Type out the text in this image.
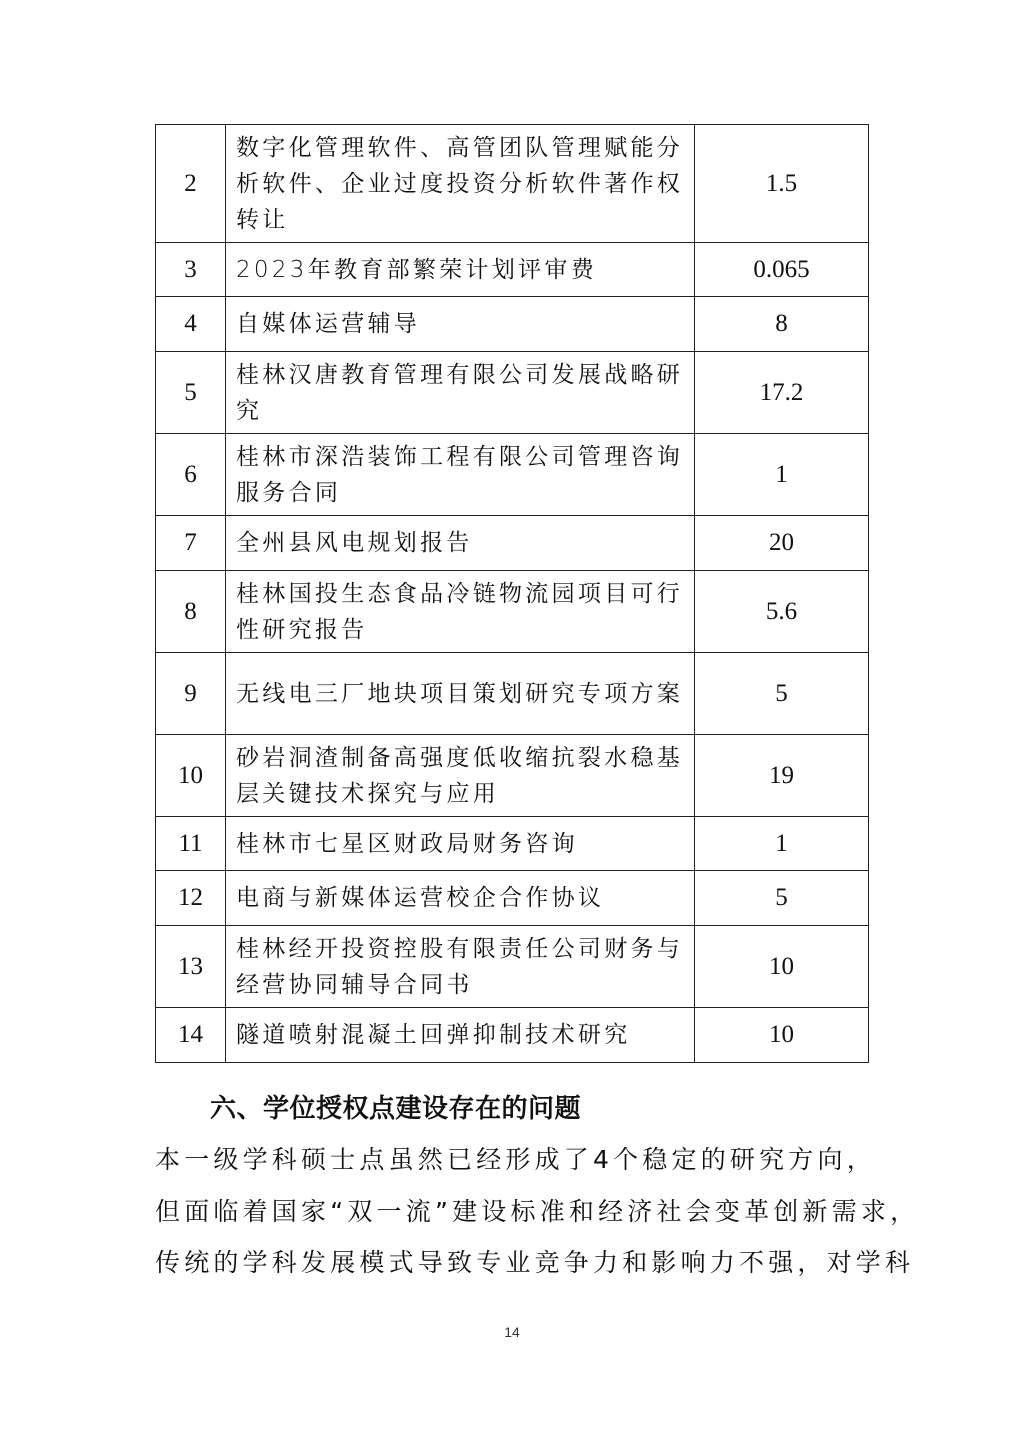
2	数字化管理软件、高管团队管理赋能分析软件、企业过度投资分析软件著作权转让	1.5
3	2023年教育部繁荣计划评审费	0.065
4	自媒体运营辅导	8
5	桂林汉唐教育管理有限公司发展战略研究	17.2
6	桂林市深浩装饰工程有限公司管理咨询服务合同	1
7	全州县风电规划报告	20
8	桂林国投生态食品冷链物流园项目可行性研究报告	5.6
9	无线电三厂地块项目策划研究专项方案	5
10	砂岩洞渣制备高强度低收缩抗裂水稳基层关键技术探究与应用	19
11	桂林市七星区财政局财务咨询	1
12	电商与新媒体运营校企合作协议	5
13	桂林经开投资控股有限责任公司财务与经营协同辅导合同书	10
14	隧道喷射混凝土回弹抑制技术研究	10
六、学位授权点建设存在的问题

本一级学科硕士点虽然已经形成了4个稳定的研究方向，

但面临着国家“双一流”建设标准和经济社会变革创新需求，

传统的学科发展模式导致专业竞争力和影响力不强，对学科

14
